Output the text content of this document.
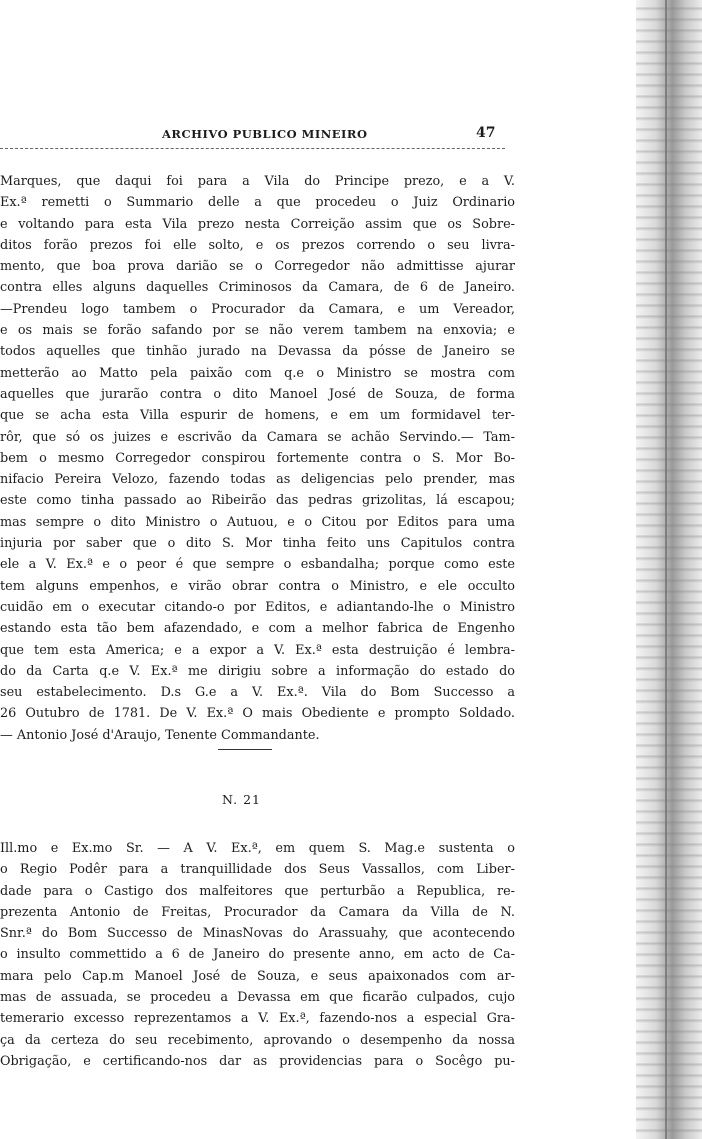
ARCHIVO PUBLICO MINEIRO	47
Marques, que daqui foi para a Vila do Principe prezo, e a V.
Ex.ª remetti o Summario delle a que procedeu o Juiz Ordinario
e voltando para esta Vila prezo nesta Correição assim que os Sobre-
ditos forão prezos foi elle solto, e os prezos correndo o seu livra-
mento, que boa prova darião se o Corregedor não admittisse ajurar
contra elles alguns daquelles Criminosos da Camara, de 6 de Janeiro.
—Prendeu logo tambem o Procurador da Camara, e um Vereador,
e os mais se forão safando por se não verem tambem na enxovia; e
todos aquelles que tinhão jurado na Devassa da pósse de Janeiro se
metterão ao Matto pela paixão com q.e o Ministro se mostra com
aquelles que jurarão contra o dito Manoel José de Souza, de forma
que se acha esta Villa espurir de homens, e em um formidavel ter-
rôr, que só os juizes e escrivão da Camara se achão Servindo.— Tam-
bem o mesmo Corregedor conspirou fortemente contra o S. Mor Bo-
nifacio Pereira Velozo, fazendo todas as deligencias pelo prender, mas
este como tinha passado ao Ribeirão das pedras grizolitas, lá escapou;
mas sempre o dito Ministro o Autuou, e o Citou por Editos para uma
injuria por saber que o dito S. Mor tinha feito uns Capitulos contra
ele a V. Ex.ª e o peor é que sempre o esbandalha; porque como este
tem alguns empenhos, e virão obrar contra o Ministro, e ele occulto
cuidão em o executar citando-o por Editos, e adiantando-lhe o Ministro
estando esta tão bem afazendado, e com a melhor fabrica de Engenho
que tem esta America; e a expor a V. Ex.ª esta destruição é lembra-
do da Carta q.e V. Ex.ª me dirigiu sobre a informação do estado do
seu estabelecimento. D.s G.e a V. Ex.ª. Vila do Bom Successo a
26 Outubro de 1781. De V. Ex.ª O mais Obediente e prompto Soldado.
— Antonio José d'Araujo, Tenente Commandante.
N. 21
Ill.mo e Ex.mo Sr. — A V. Ex.ª, em quem S. Mag.e sustenta o
o Regio Podêr para a tranquillidade dos Seus Vassallos, com Liber-
dade para o Castigo dos malfeitores que perturbão a Republica, re-
prezenta Antonio de Freitas, Procurador da Camara da Villa de N.
Snr.ª do Bom Successo de MinasNovas do Arassuahy, que acontecendo
o insulto commettido a 6 de Janeiro do presente anno, em acto de Ca-
mara pelo Cap.m Manoel José de Souza, e seus apaixonados com ar-
mas de assuada, se procedeu a Devassa em que ficarão culpados, cujo
temerario excesso reprezentamos a V. Ex.ª, fazendo-nos a especial Gra-
ça da certeza do seu recebimento, aprovando o desempenho da nossa
Obrigação, e certificando-nos dar as providencias para o Socêgo pu-
